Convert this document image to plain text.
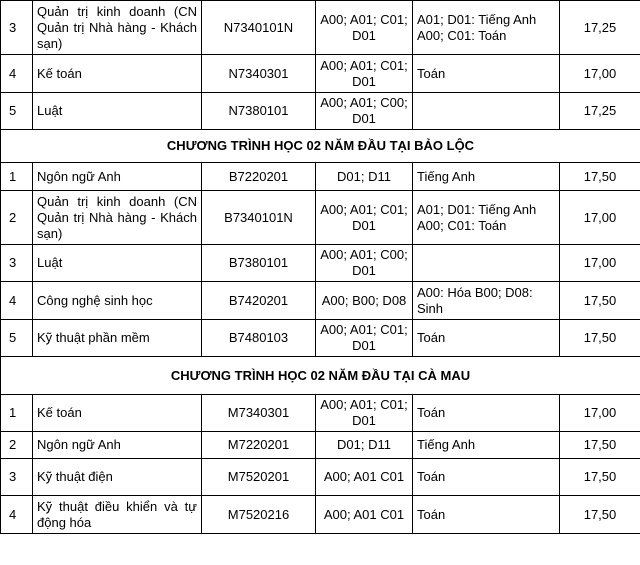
3	Quản trị kinh doanh (CN Quản trị Nhà hàng - Khách sạn)	N7340101N	A00; A01; C01; D01	A01; D01: Tiếng Anh A00; C01: Toán	17,25
4	Kế toán	N7340301	A00; A01; C01; D01	Toán	17,00
5	Luật	N7380101	A00; A01; C00; D01		17,25
CHƯƠNG TRÌNH HỌC 02 NĂM ĐẦU TẠI BẢO LỘC					
1	Ngôn ngữ Anh	B7220201	D01; D11	Tiếng Anh	17,50
2	Quản trị kinh doanh (CN Quản trị Nhà hàng - Khách sạn)	B7340101N	A00; A01; C01; D01	A01; D01: Tiếng Anh A00; C01: Toán	17,00
3	Luật	B7380101	A00; A01; C00; D01		17,00
4	Công nghệ sinh học	B7420201	A00; B00; D08	A00: Hóa B00; D08: Sinh	17,50
5	Kỹ thuật phần mềm	B7480103	A00; A01; C01; D01	Toán	17,50
CHƯƠNG TRÌNH HỌC 02 NĂM ĐẦU TẠI CÀ MAU					
1	Kế toán	M7340301	A00; A01; C01; D01	Toán	17,00
2	Ngôn ngữ Anh	M7220201	D01; D11	Tiếng Anh	17,50
3	Kỹ thuật điện	M7520201	A00; A01 C01	Toán	17,50
4	Kỹ thuật điều khiển và tự động hóa	M7520216	A00; A01 C01	Toán	17,50
